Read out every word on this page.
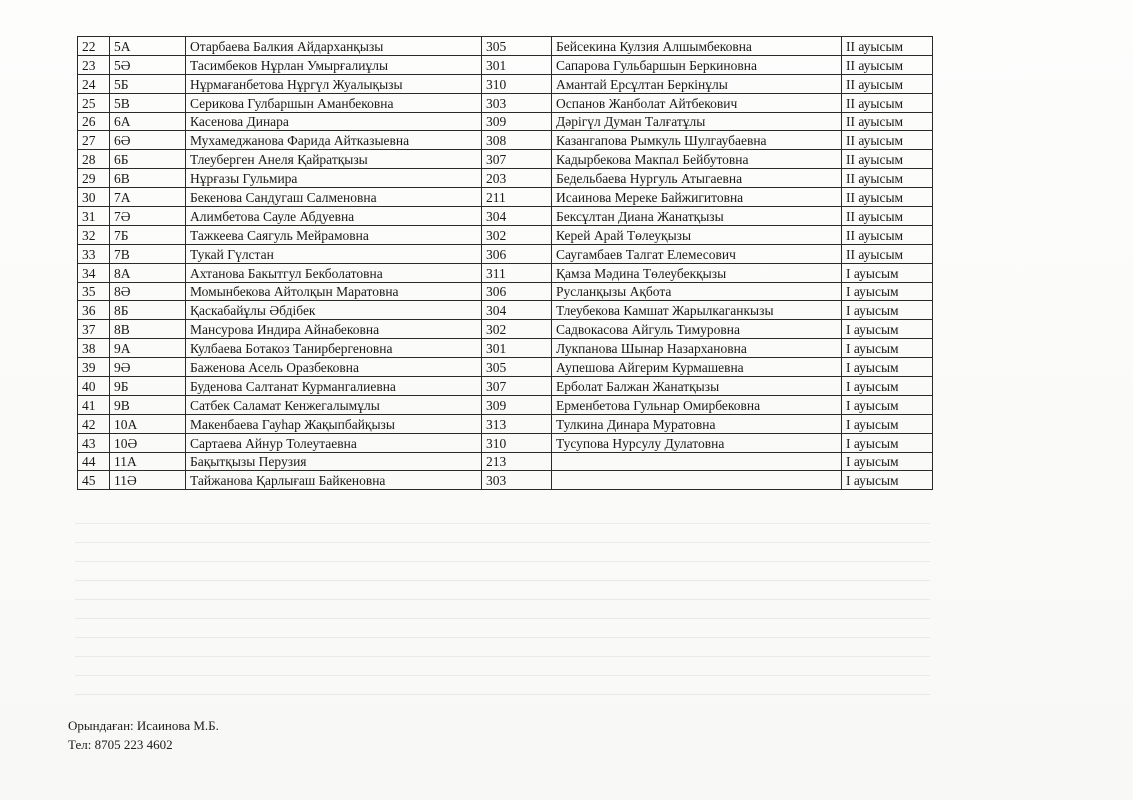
22	5А	Отарбаева Балкия Айдарханқызы	305	Бейсекина Кулзия Алшымбековна	II ауысым
23	5Ә	Тасимбеков Нұрлан Умырғалиұлы	301	Сапарова Гульбаршын Беркиновна	II ауысым
24	5Б	Нұрмағанбетова Нұргүл Жуалықызы	310	Амантай Ерсұлтан Беркінұлы	II ауысым
25	5В	Серикова Гулбаршын Аманбековна	303	Оспанов Жанболат Айтбекович	II ауысым
26	6А	Касенова Динара	309	Дәрігүл Думан Талғатұлы	II ауысым
27	6Ә	Мухамеджанова Фарида Айтказыевна	308	Казангапова Рымкуль Шулгаубаевна	II ауысым
28	6Б	Тлеуберген Анеля Қайратқызы	307	Кадырбекова Макпал Бейбутовна	II ауысым
29	6В	Нұрғазы Гульмира	203	Бедельбаева Нургуль Атыгаевна	II ауысым
30	7А	Бекенова Сандугаш Салменовна	211	Исаинова Мереке Байжигитовна	II ауысым
31	7Ә	Алимбетова Сауле Абдуевна	304	Бексұлтан Диана Жанатқызы	II ауысым
32	7Б	Тажкеева Саягуль Мейрамовна	302	Керей Арай Төлеуқызы	II ауысым
33	7В	Тукай Гүлстан	306	Саугамбаев Талгат Елемесович	II ауысым
34	8А	Ахтанова Бакытгул Бекболатовна	311	Қамза Мәдина Төлеубекқызы	I ауысым
35	8Ә	Момынбекова Айтолқын Маратовна	306	Русланқызы Ақбота	I ауысым
36	8Б	Қаскабайұлы Әбдібек	304	Тлеубекова Камшат Жарылкаганкызы	I ауысым
37	8В	Мансурова Индира Айнабековна	302	Садвокасова Айгуль Тимуровна	I ауысым
38	9А	Кулбаева Ботакоз Танирбергеновна	301	Лукпанова Шынар Назархановна	I ауысым
39	9Ә	Баженова Асель Оразбековна	305	Аупешова Айгерим Курмашевна	I ауысым
40	9Б	Буденова Салтанат Курмангалиевна	307	Ерболат Балжан Жанатқызы	I ауысым
41	9В	Сатбек Саламат Кенжегалымұлы	309	Ерменбетова Гульнар Омирбековна	I ауысым
42	10А	Макенбаева Гауһар Жақыпбайқызы	313	Тулкина Динара Муратовна	I ауысым
43	10Ә	Сартаева Айнур Толеутаевна	310	Тусупова Нурсулу Дулатовна	I ауысым
44	11А	Бақытқызы Перузия	213		I ауысым
45	11Ә	Тайжанова Қарлығаш Байкеновна	303		I ауысым
Орындаған: Исаинова М.Б.
Тел: 8705 223 4602
